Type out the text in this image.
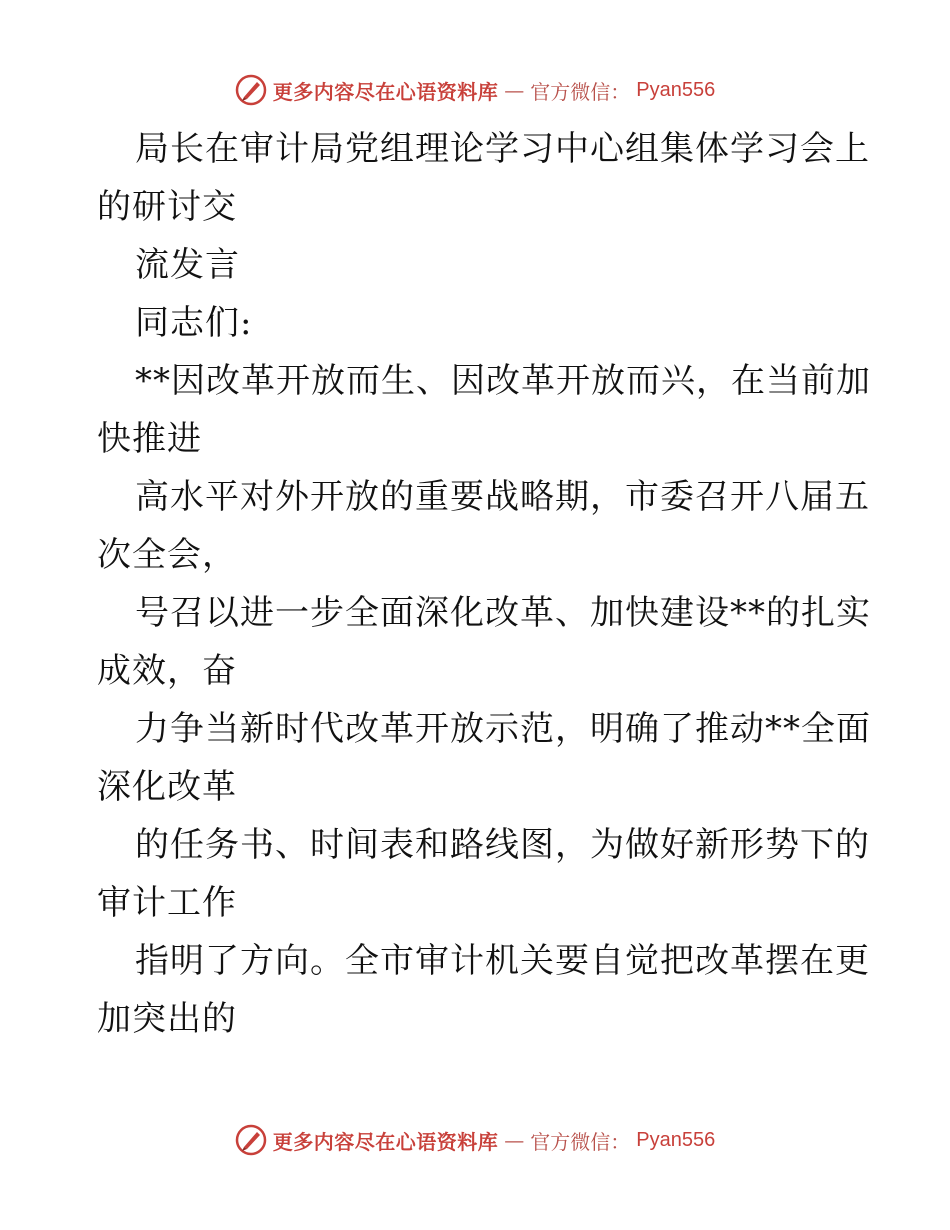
更多内容尽在心语资料库 — 官方微信： Pyan556
局长在审计局党组理论学习中心组集体学习会上
的研讨交
流发言
同志们:
**因改革开放而生、因改革开放而兴，在当前加
快推进
高水平对外开放的重要战略期，市委召开八届五
次全会，
号召以进一步全面深化改革、加快建设**的扎实
成效，奋
力争当新时代改革开放示范，明确了推动**全面
深化改革
的任务书、时间表和路线图，为做好新形势下的
审计工作
指明了方向。全市审计机关要自觉把改革摆在更
加突出的
更多内容尽在心语资料库 — 官方微信： Pyan556
